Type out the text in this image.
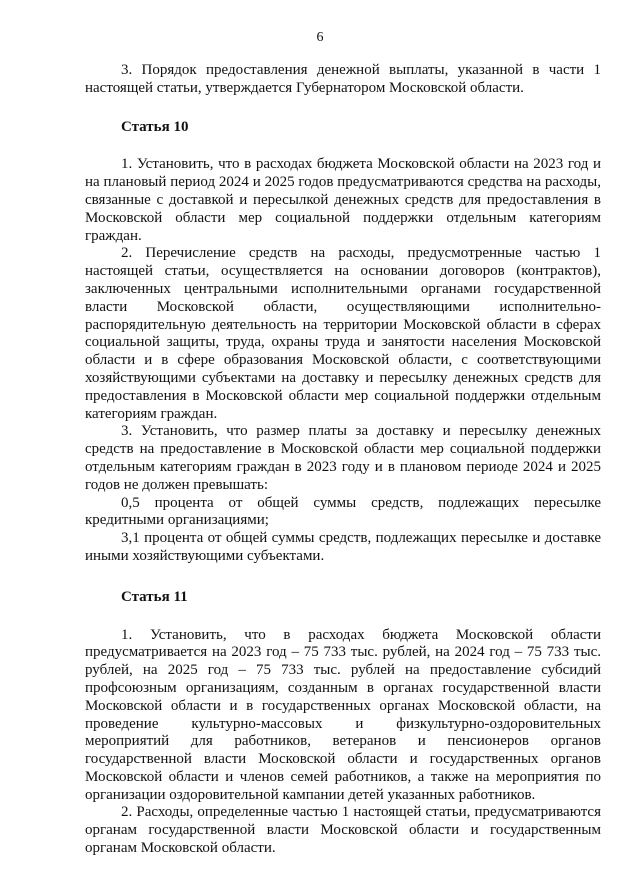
6

3. Порядок предоставления денежной выплаты, указанной в части 1 настоящей статьи, утверждается Губернатором Московской области.

Статья 10

1. Установить, что в расходах бюджета Московской области на 2023 год и на плановый период 2024 и 2025 годов предусматриваются средства на расходы, связанные с доставкой и пересылкой денежных средств для предоставления в Московской области мер социальной поддержки отдельным категориям граждан.

2. Перечисление средств на расходы, предусмотренные частью 1 настоящей статьи, осуществляется на основании договоров (контрактов), заключенных центральными исполнительными органами государственной власти Московской области, осуществляющими исполнительно-распорядительную деятельность на территории Московской области в сферах социальной защиты, труда, охраны труда и занятости населения Московской области и в сфере образования Московской области, с соответствующими хозяйствующими субъектами на доставку и пересылку денежных средств для предоставления в Московской области мер социальной поддержки отдельным категориям граждан.

3. Установить, что размер платы за доставку и пересылку денежных средств на предоставление в Московской области мер социальной поддержки отдельным категориям граждан в 2023 году и в плановом периоде 2024 и 2025 годов не должен превышать:

0,5 процента от общей суммы средств, подлежащих пересылке кредитными организациями;

3,1 процента от общей суммы средств, подлежащих пересылке и доставке иными хозяйствующими субъектами.

Статья 11

1. Установить, что в расходах бюджета Московской области предусматривается на 2023 год – 75 733 тыс. рублей, на 2024 год – 75 733 тыс. рублей, на 2025 год – 75 733 тыс. рублей на предоставление субсидий профсоюзным организациям, созданным в органах государственной власти Московской области и в государственных органах Московской области, на проведение культурно-массовых и физкультурно-оздоровительных мероприятий для работников, ветеранов и пенсионеров органов государственной власти Московской области и государственных органов Московской области и членов семей работников, а также на мероприятия по организации оздоровительной кампании детей указанных работников.

2. Расходы, определенные частью 1 настоящей статьи, предусматриваются органам государственной власти Московской области и государственным органам Московской области.
